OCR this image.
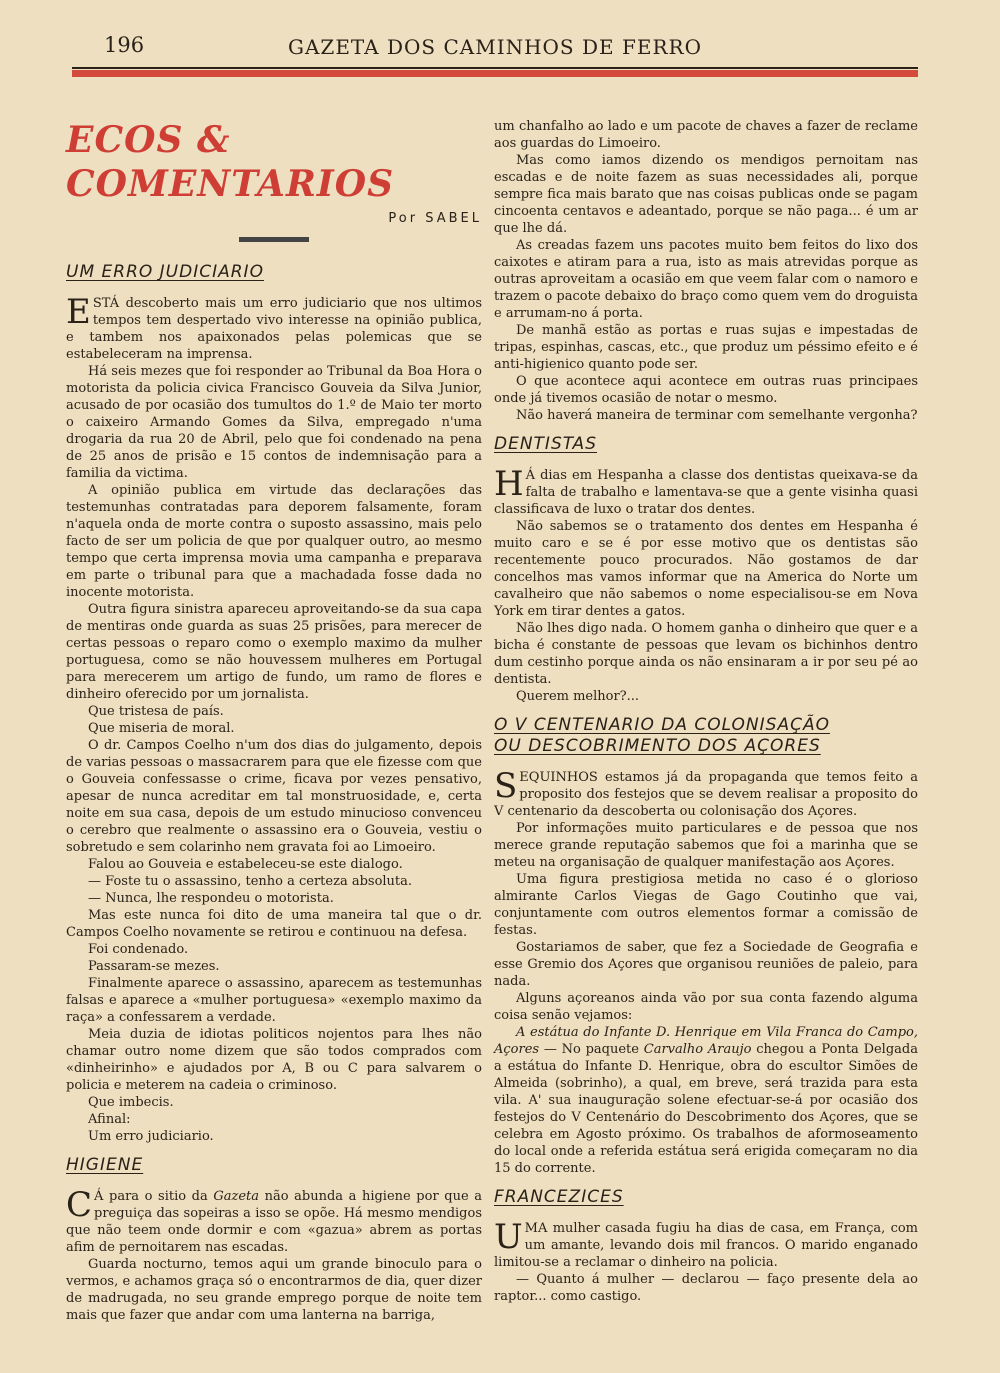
196	GAZETA DOS CAMINHOS DE FERRO
ECOS & COMENTARIOS
Por SABEL
UM ERRO JUDICIARIO

ESTÁ descoberto mais um erro judiciario que nos ultimos tempos tem despertado vivo interesse na opinião publica, e tambem nos apaixonados pelas polemicas que se estabeleceram na imprensa.

Há seis mezes que foi responder ao Tribunal da Boa Hora o motorista da policia civica Francisco Gouveia da Silva Junior, acusado de por ocasião dos tumultos do 1.º de Maio ter morto o caixeiro Armando Gomes da Silva, empregado n'uma drogaria da rua 20 de Abril, pelo que foi condenado na pena de 25 anos de prisão e 15 contos de indemnisação para a familia da victima.

A opinião publica em virtude das declarações das testemunhas contratadas para deporem falsamente, foram n'aquela onda de morte contra o suposto assassino, mais pelo facto de ser um policia de que por qualquer outro, ao mesmo tempo que certa imprensa movia uma campanha e preparava em parte o tribunal para que a machadada fosse dada no inocente motorista.

Outra figura sinistra apareceu aproveitando-se da sua capa de mentiras onde guarda as suas 25 prisões, para merecer de certas pessoas o reparo como o exemplo maximo da mulher portuguesa, como se não houvessem mulheres em Portugal para merecerem um artigo de fundo, um ramo de flores e dinheiro oferecido por um jornalista.

Que tristesa de país.

Que miseria de moral.

O dr. Campos Coelho n'um dos dias do julgamento, depois de varias pessoas o massacrarem para que ele fizesse com que o Gouveia confessasse o crime, ficava por vezes pensativo, apesar de nunca acreditar em tal monstruosidade, e, certa noite em sua casa, depois de um estudo minucioso convenceu o cerebro que realmente o assassino era o Gouveia, vestiu o sobretudo e sem colarinho nem gravata foi ao Limoeiro.

Falou ao Gouveia e estabeleceu-se este dialogo.

— Foste tu o assassino, tenho a certeza absoluta.

— Nunca, lhe respondeu o motorista.

Mas este nunca foi dito de uma maneira tal que o dr. Campos Coelho novamente se retirou e continuou na defesa.

Foi condenado.

Passaram-se mezes.

Finalmente aparece o assassino, aparecem as testemunhas falsas e aparece a «mulher portuguesa» «exemplo maximo da raça» a confessarem a verdade.

Meia duzia de idiotas politicos nojentos para lhes não chamar outro nome dizem que são todos comprados com «dinheirinho» e ajudados por A, B ou C para salvarem o policia e meterem na cadeia o criminoso.

Que imbecis.

Afinal:

Um erro judiciario.

HIGIENE

C Á para o sitio da Gazeta não abunda a higiene por que a preguiça das sopeiras a isso se opõe. Há mesmo mendigos que não teem onde dormir e com «gazua» abrem as portas afim de pernoitarem nas escadas.

Guarda nocturno, temos aqui um grande binoculo para o vermos, e achamos graça só o encontrarmos de dia, quer dizer de madrugada, no seu grande emprego porque de noite tem mais que fazer que andar com uma lanterna na barriga,

um chanfalho ao lado e um pacote de chaves a fazer de reclame aos guardas do Limoeiro.

Mas como iamos dizendo os mendigos pernoitam nas escadas e de noite fazem as suas necessidades ali, porque sempre fica mais barato que nas coisas publicas onde se pagam cincoenta centavos e adeantado, porque se não paga... é um ar que lhe dá.

As creadas fazem uns pacotes muito bem feitos do lixo dos caixotes e atiram para a rua, isto as mais atrevidas porque as outras aproveitam a ocasião em que veem falar com o namoro e trazem o pacote debaixo do braço como quem vem do droguista e arrumam-no á porta.

De manhã estão as portas e ruas sujas e impestadas de tripas, espinhas, cascas, etc., que produz um péssimo efeito e é anti-higienico quanto pode ser.

O que acontece aqui acontece em outras ruas principaes onde já tivemos ocasião de notar o mesmo.

Não haverá maneira de terminar com semelhante vergonha?

DENTISTAS

H Á dias em Hespanha a classe dos dentistas queixava-se da falta de trabalho e lamentava-se que a gente visinha quasi classificava de luxo o tratar dos dentes.

Não sabemos se o tratamento dos dentes em Hespanha é muito caro e se é por esse motivo que os dentistas são recentemente pouco procurados. Não gostamos de dar concelhos mas vamos informar que na America do Norte um cavalheiro que não sabemos o nome especialisou-se em Nova York em tirar dentes a gatos.

Não lhes digo nada. O homem ganha o dinheiro que quer e a bicha é constante de pessoas que levam os bichinhos dentro dum cestinho porque ainda os não ensinaram a ir por seu pé ao dentista.

Querem melhor?...

O V CENTENARIO DA COLONISAÇÃO
OU DESCOBRIMENTO DOS AÇORES

SEQUINHOS estamos já da propaganda que temos feito a proposito dos festejos que se devem realisar a proposito do V centenario da descoberta ou colonisação dos Açores.

Por informações muito particulares e de pessoa que nos merece grande reputação sabemos que foi a marinha que se meteu na organisação de qualquer manifestação aos Açores.

Uma figura prestigiosa metida no caso é o glorioso almirante Carlos Viegas de Gago Coutinho que vai, conjuntamente com outros elementos formar a comissão de festas.

Gostariamos de saber, que fez a Sociedade de Geografia e esse Gremio dos Açores que organisou reuniões de paleio, para nada.

Alguns açoreanos ainda vão por sua conta fazendo alguma coisa senão vejamos:

A estátua do Infante D. Henrique em Vila Franca do Campo, Açores — No paquete Carvalho Araujo chegou a Ponta Delgada a estátua do Infante D. Henrique, obra do escultor Simões de Almeida (sobrinho), a qual, em breve, será trazida para esta vila. A' sua inauguração solene efectuar-se-á por ocasião dos festejos do V Centenário do Descobrimento dos Açores, que se celebra em Agosto próximo. Os trabalhos de aformoseamento do local onde a referida estátua será erigida começaram no dia 15 do corrente.

FRANCEZICES

UMA mulher casada fugiu ha dias de casa, em França, com um amante, levando dois mil francos. O marido enganado limitou-se a reclamar o dinheiro na policia.

— Quanto á mulher — declarou — faço presente dela ao raptor... como castigo.
